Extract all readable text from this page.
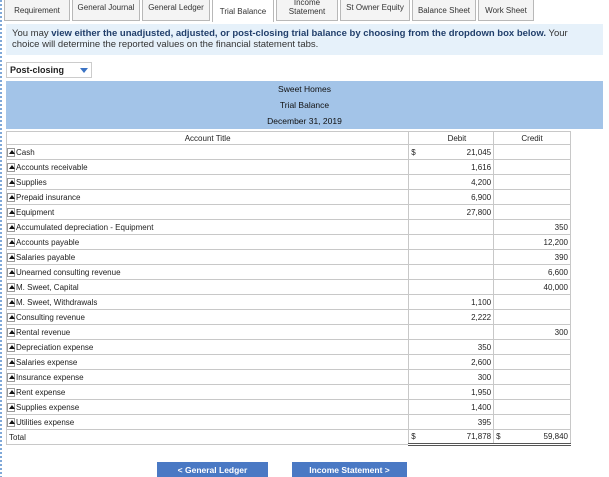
Requirement General Journal General Ledger Trial Balance
Income Statement	St Owner Equity Balance Sheet Work Sheet
You may view either the unadjusted, adjusted, or post-closing trial balance by choosing from the dropdown box below. Your choice will determine the reported values on the financial statement tabs.
Post-closing
Sweet Homes
Trial Balance
December 31, 2019
Account Title		Debit	Credit
Cash	$	21,045	
Accounts receivable		1,616	
Supplies		4,200	
Prepaid insurance		6,900	
Equipment		27,800	
Accumulated depreciation - Equipment			350
Accounts payable			12,200
Salaries payable			390
Unearned consulting revenue			6,600
M. Sweet, Capital			40,000
M. Sweet, Withdrawals		1,100	
Consulting revenue		2,222	
Rental revenue			300
Depreciation expense		350	
Salaries expense		2,600	
Insurance expense		300	
Rent expense		1,950	
Supplies expense		1,400	
Utilities expense		395	
Total	$	71,878	$ 59,840
< General Ledger	Income Statement >
